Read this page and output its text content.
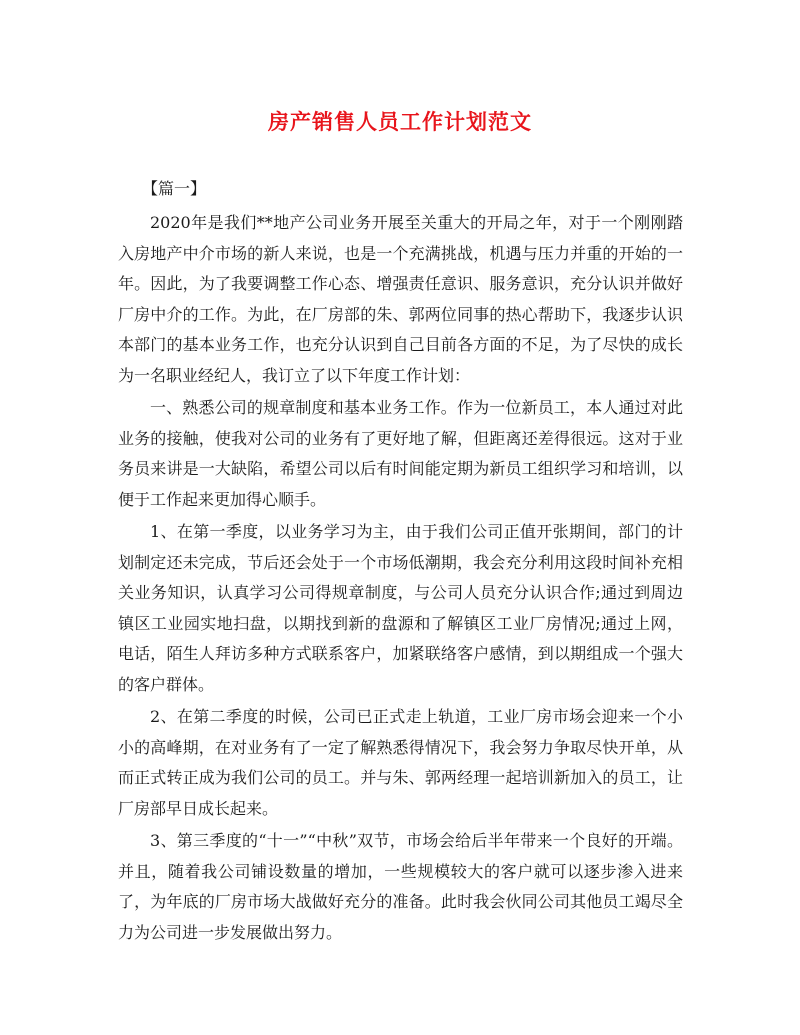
房产销售人员工作计划范文

【篇一】

2020年是我们**地产公司业务开展至关重大的开局之年，对于一个刚刚踏入房地产中介市场的新人来说，也是一个充满挑战，机遇与压力并重的开始的一年。因此，为了我要调整工作心态、增强责任意识、服务意识，充分认识并做好厂房中介的工作。为此，在厂房部的朱、郭两位同事的热心帮助下，我逐步认识本部门的基本业务工作，也充分认识到自己目前各方面的不足，为了尽快的成长为一名职业经纪人，我订立了以下年度工作计划：

一、熟悉公司的规章制度和基本业务工作。作为一位新员工，本人通过对此业务的接触，使我对公司的业务有了更好地了解，但距离还差得很远。这对于业务员来讲是一大缺陷，希望公司以后有时间能定期为新员工组织学习和培训，以便于工作起来更加得心顺手。

1、在第一季度，以业务学习为主，由于我们公司正值开张期间，部门的计划制定还未完成，节后还会处于一个市场低潮期，我会充分利用这段时间补充相关业务知识，认真学习公司得规章制度，与公司人员充分认识合作;通过到周边镇区工业园实地扫盘，以期找到新的盘源和了解镇区工业厂房情况;通过上网，电话，陌生人拜访多种方式联系客户，加紧联络客户感情，到以期组成一个强大的客户群体。

2、在第二季度的时候，公司已正式走上轨道，工业厂房市场会迎来一个小小的高峰期，在对业务有了一定了解熟悉得情况下，我会努力争取尽快开单，从而正式转正成为我们公司的员工。并与朱、郭两经理一起培训新加入的员工，让厂房部早日成长起来。

3、第三季度的“十一”“中秋”双节，市场会给后半年带来一个良好的开端。并且，随着我公司铺设数量的增加，一些规模较大的客户就可以逐步渗入进来了，为年底的厂房市场大战做好充分的准备。此时我会伙同公司其他员工竭尽全力为公司进一步发展做出努力。
